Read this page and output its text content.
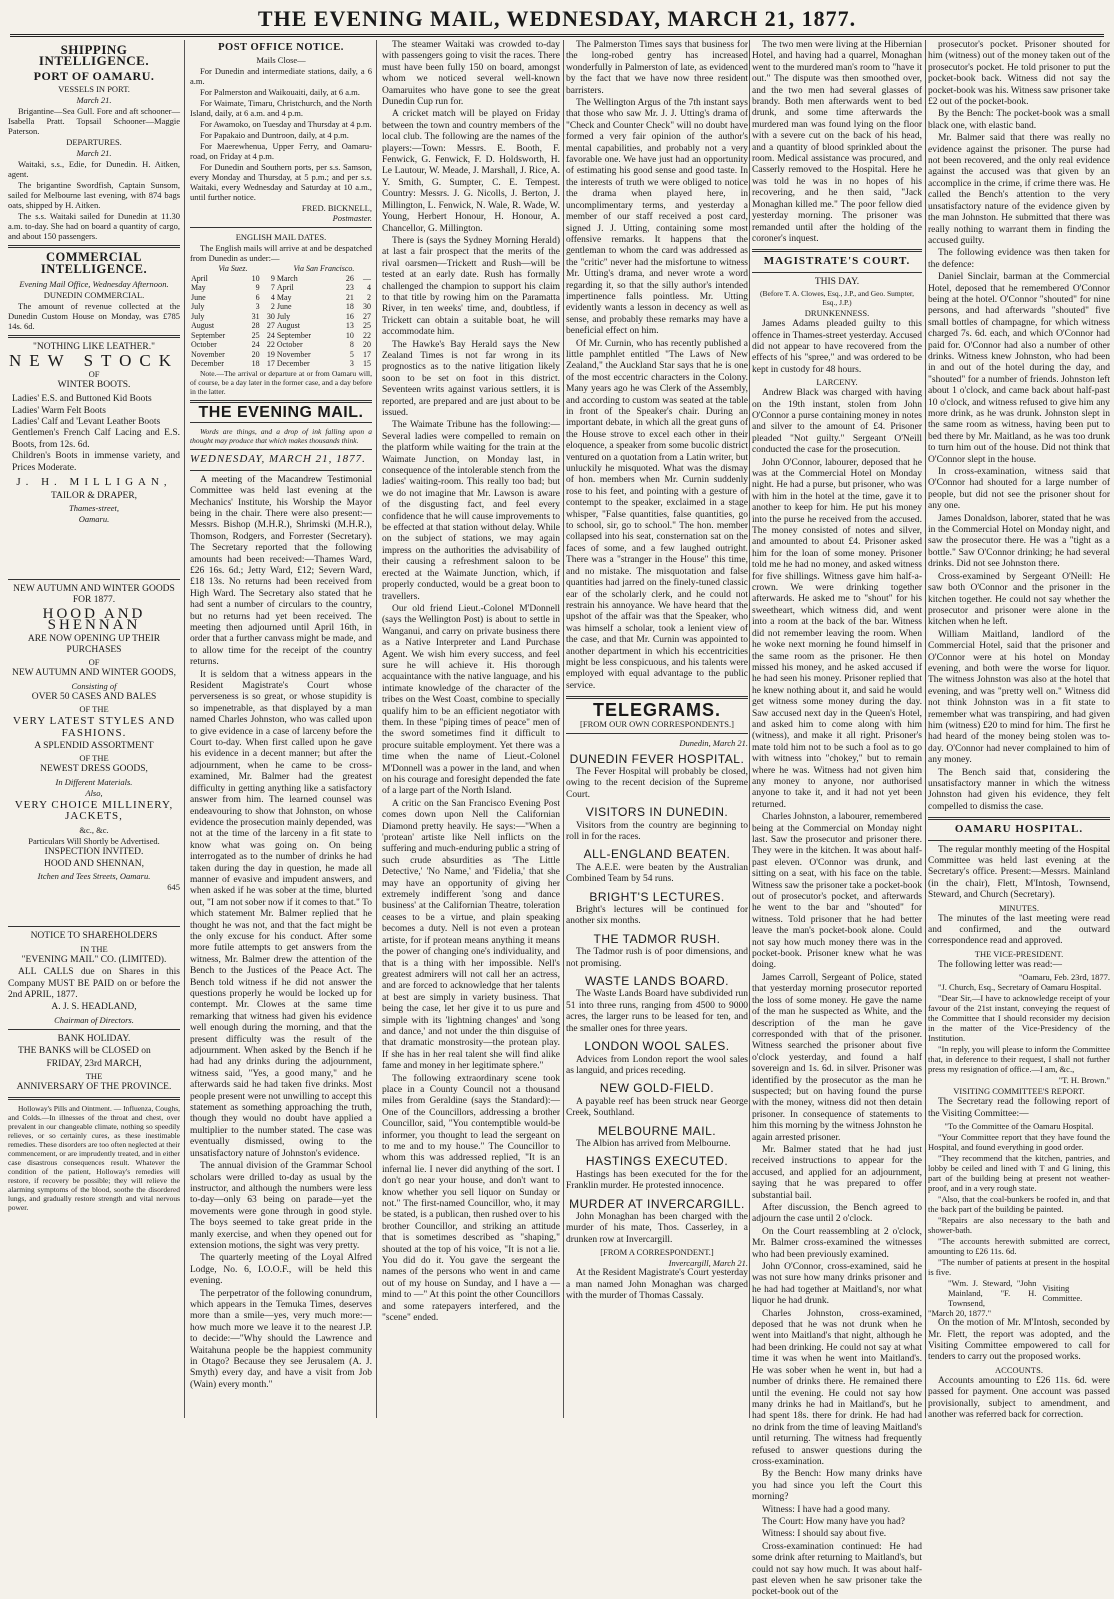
THE EVENING MAIL, WEDNESDAY, MARCH 21, 1877.
SHIPPING INTELLIGENCE.
PORT OF OAMARU.
VESSELS IN PORT.
March 21.

Brigantine—Sea Gull. Fore and aft schooner—Isabella Pratt. Topsail Schooner—Maggie Paterson.

DEPARTURES.
March 21.

Waitaki, s.s., Edie, for Dunedin. H. Aitken, agent.

The brigantine Swordfish, Captain Sunsom, sailed for Melbourne last evening, with 874 bags oats, shipped by H. Aitken.

The s.s. Waitaki sailed for Dunedin at 11.30 a.m. to-day. She had on board a quantity of cargo, and about 150 passengers.

COMMERCIAL INTELLIGENCE.
Evening Mail Office, Wednesday Afternoon.
DUNEDIN COMMERCIAL.

The amount of revenue collected at the Dunedin Custom House on Monday, was £785 14s. 6d.

"NOTHING LIKE LEATHER."
NEW STOCK
OF
WINTER BOOTS.
Ladies' E.S. and Buttoned Kid Boots
Ladies' Warm Felt Boots
Ladies' Calf and 'Levant Leather Boots
Gentlemen's French Calf Lacing and E.S. Boots, from 12s. 6d.
Children's Boots in immense variety, and Prices Moderate.
J. H. MILLIGAN,
TAILOR & DRAPER,
Thames-street,
Oamaru.
NEW AUTUMN AND WINTER GOODS FOR 1877.
HOOD AND SHENNAN
ARE NOW OPENING UP THEIR PURCHASES
OF
NEW AUTUMN AND WINTER GOODS,
Consisting of
OVER 50 CASES AND BALES
OF THE
VERY LATEST STYLES AND FASHIONS.
A SPLENDID ASSORTMENT
OF THE
NEWEST DRESS GOODS,
In Different Materials.
Also,
VERY CHOICE MILLINERY, JACKETS,
&c., &c.
Particulars Will Shortly be Advertised.
INSPECTION INVITED.
HOOD AND SHENNAN,
Itchen and Tees Streets, Oamaru.
645
NOTICE TO SHAREHOLDERS
IN THE
"EVENING MAIL" CO. (LIMITED).

ALL CALLS due on Shares in this Company MUST BE PAID on or before the 2nd APRIL, 1877.

A. J. S. HEADLAND,
Chairman of Directors.
BANK HOLIDAY.

THE BANKS will be CLOSED on

FRIDAY, 23rd MARCH,
THE
ANNIVERSARY OF THE PROVINCE.

Holloway's Pills and Ointment. — Influenza, Coughs, and Colds.—In illnesses of the throat and chest, over prevalent in our changeable climate, nothing so speedily relieves, or so certainly cures, as these inestimable remedies. These disorders are too often neglected at their commencement, or are imprudently treated, and in either case disastrous consequences result. Whatever the condition of the patient, Holloway's remedies will restore, if recovery be possible; they will relieve the alarming symptoms of the blood, soothe the disordered lungs, and gradually restore strength and vital nervous power.

POST OFFICE NOTICE.
Mails Close—

For Dunedin and intermediate stations, daily, a 6 a.m.

For Palmerston and Waikouaiti, daily, at 6 a.m.

For Waimate, Timaru, Christchurch, and the North Island, daily, at 6 a.m. and 4 p.m.

For Awamoko, on Tuesday and Thursday at 4 p.m.

For Papakaio and Duntroon, daily, at 4 p.m.

For Maerewhenua, Upper Ferry, and Oamaru-road, on Friday at 4 p.m.

For Dunedin and Southern ports, per s.s. Samson, every Monday and Thursday, at 5 p.m.; and per s.s. Waitaki, every Wednesday and Saturday at 10 a.m., until further notice.

FRED. BICKNELL,
Postmaster.
ENGLISH MAIL DATES.

The English mails will arrive at and be despatched from Dunedin as under:—

Via Suez.			Via San Francisco.		
April	10	9	March	26	—
May	9	7	April	23	4
June	6	4	May	21	2
July	3	2	June	18	30
July	31	30	July	16	27
August	28	27	August	13	25
September	25	24	September	10	22
October	24	22	October	8	20
November	20	19	November	5	17
December	18	17	December	3	15

Note.—The arrival or departure at or from Oamaru will, of course, be a day later in the former case, and a day before in the latter.

THE EVENING MAIL.

Words are things, and a drop of ink falling upon a thought may produce that which makes thousands think.

WEDNESDAY, MARCH 21, 1877.

A meeting of the Macandrew Testimonial Committee was held last evening at the Mechanics' Institute, his Worship the Mayor being in the chair. There were also present:—Messrs. Bishop (M.H.R.), Shrimski (M.H.R.), Thomson, Rodgers, and Forrester (Secretary). The Secretary reported that the following amounts had been received:—Thames Ward, £26 16s. 6d.; Jetty Ward, £12; Severn Ward, £18 13s. No returns had been received from High Ward. The Secretary also stated that he had sent a number of circulars to the country, but no returns had yet been received. The meeting then adjourned until April 16th, in order that a further canvass might be made, and to allow time for the receipt of the country returns.

It is seldom that a witness appears in the Resident Magistrate's Court whose perverseness is so great, or whose stupidity is so impenetrable, as that displayed by a man named Charles Johnston, who was called upon to give evidence in a case of larceny before the Court to-day. When first called upon he gave his evidence in a decent manner; but after the adjournment, when he came to be cross-examined, Mr. Balmer had the greatest difficulty in getting anything like a satisfactory answer from him. The learned counsel was endeavouring to show that Johnston, on whose evidence the prosecution mainly depended, was not at the time of the larceny in a fit state to know what was going on. On being interrogated as to the number of drinks he had taken during the day in question, he made all manner of evasive and impudent answers, and when asked if he was sober at the time, blurted out, "I am not sober now if it comes to that." To which statement Mr. Balmer replied that he thought he was not, and that the fact might be the only excuse for his conduct. After some more futile attempts to get answers from the witness, Mr. Balmer drew the attention of the Bench to the Justices of the Peace Act. The Bench told witness if he did not answer the questions properly he would be locked up for contempt. Mr. Clowes at the same time remarking that witness had given his evidence well enough during the morning, and that the present difficulty was the result of the adjournment. When asked by the Bench if he had had any drinks during the adjournment, witness said, "Yes, a good many," and he afterwards said he had taken five drinks. Most people present were not unwilling to accept this statement as something approaching the truth, though they would no doubt have applied a multiplier to the number stated. The case was eventually dismissed, owing to the unsatisfactory nature of Johnston's evidence.

The annual division of the Grammar School scholars were drilled to-day as usual by the instructor, and although the numbers were less to-day—only 63 being on parade—yet the movements were gone through in good style. The boys seemed to take great pride in the manly exercise, and when they opened out for extension motions, the sight was very pretty.

The quarterly meeting of the Loyal Alfred Lodge, No. 6, I.O.O.F., will be held this evening.

The perpetrator of the following conundrum, which appears in the Temuka Times, deserves more than a smile—yes, very much more:—how much more we leave it to the nearest J.P. to decide:—"Why should the Lawrence and Waitahuna people be the happiest community in Otago? Because they see Jerusalem (A. J. Smyth) every day, and have a visit from Job (Wain) every month."

The steamer Waitaki was crowded to-day with passengers going to visit the races. There must have been fully 150 on board, amongst whom we noticed several well-known Oamaruites who have gone to see the great Dunedin Cup run for.

A cricket match will be played on Friday between the town and country members of the local club. The following are the names of the players:—Town: Messrs. E. Booth, F. Fenwick, G. Fenwick, F. D. Holdsworth, H. Le Lautour, W. Meade, J. Marshall, J. Rice, A. Y. Smith, G. Sumpter, C. E. Tempest. Country: Messrs. J. G. Nicolls, J. Berton, J. Millington, L. Fenwick, N. Wale, R. Wade, W. Young, Herbert Honour, H. Honour, A. Chancellor, G. Millington.

There is (says the Sydney Morning Herald) at last a fair prospect that the merits of the rival oarsmen—Trickett and Rush—will be tested at an early date. Rush has formally challenged the champion to support his claim to that title by rowing him on the Paramatta River, in ten weeks' time, and, doubtless, if Trickett can obtain a suitable boat, he will accommodate him.

The Hawke's Bay Herald says the New Zealand Times is not far wrong in its prognostics as to the native litigation likely soon to be set on foot in this district. Seventeen writs against various settlers, it is reported, are prepared and are just about to be issued.

The Waimate Tribune has the following:—Several ladies were compelled to remain on the platform while waiting for the train at the Waimate Junction, on Monday last, in consequence of the intolerable stench from the ladies' waiting-room. This really too bad; but we do not imagine that Mr. Lawson is aware of the disgusting fact, and feel every confidence that he will cause improvements to be effected at that station without delay. While on the subject of stations, we may again impress on the authorities the advisability of their causing a refreshment saloon to be erected at the Waimate Junction, which, if properly conducted, would be a great boon to travellers.

Our old friend Lieut.-Colonel M'Donnell (says the Wellington Post) is about to settle in Wanganui, and carry on private business there as a Native Interpreter and Land Purchase Agent. We wish him every success, and feel sure he will achieve it. His thorough acquaintance with the native language, and his intimate knowledge of the character of the tribes on the West Coast, combine to specially qualify him to be an efficient negotiator with them. In these "piping times of peace" men of the sword sometimes find it difficult to procure suitable employment. Yet there was a time when the name of Lieut.-Colonel M'Donnell was a power in the land, and when on his courage and foresight depended the fate of a large part of the North Island.

A critic on the San Francisco Evening Post comes down upon Nell the Californian Diamond pretty heavily. He says:—"When a 'protean' artiste like Nell inflicts on the suffering and much-enduring public a string of such crude absurdities as 'The Little Detective,' 'No Name,' and 'Fidelia,' that she may have an opportunity of giving her extremely indifferent 'song and dance business' at the Californian Theatre, toleration ceases to be a virtue, and plain speaking becomes a duty. Nell is not even a protean artiste, for if protean means anything it means the power of changing one's individuality, and that is a thing with her impossible. Nell's greatest admirers will not call her an actress, and are forced to acknowledge that her talents at best are simply in variety business. That being the case, let her give it to us pure and simple with its 'lightning changes' and 'song and dance,' and not under the thin disguise of that dramatic monstrosity—the protean play. If she has in her real talent she will find alike fame and money in her legitimate sphere."

The following extraordinary scene took place in a County Council not a thousand miles from Geraldine (says the Standard):—One of the Councillors, addressing a brother Councillor, said, "You contemptible would-be informer, you thought to lead the sergeant on to me and to my house." The Councillor to whom this was addressed replied, "It is an infernal lie. I never did anything of the sort. I don't go near your house, and don't want to know whether you sell liquor on Sunday or not." The first-named Councillor, who, it may be stated, is a publican, then rushed over to his brother Councillor, and striking an attitude that is sometimes described as "shaping," shouted at the top of his voice, "It is not a lie. You did do it. You gave the sergeant the names of the persons who went in and came out of my house on Sunday, and I have a — mind to —" At this point the other Councillors and some ratepayers interfered, and the "scene" ended.

The Palmerston Times says that business for the long-robed gentry has increased wonderfully in Palmerston of late, as evidenced by the fact that we have now three resident barristers.

The Wellington Argus of the 7th instant says that those who saw Mr. J. J. Utting's drama of "Check and Counter Check" will no doubt have formed a very fair opinion of the author's mental capabilities, and probably not a very favorable one. We have just had an opportunity of estimating his good sense and good taste. In the interests of truth we were obliged to notice the drama when played here, in uncomplimentary terms, and yesterday a member of our staff received a post card, signed J. J. Utting, containing some most offensive remarks. It happens that the gentleman to whom the card was addressed as the "critic" never had the misfortune to witness Mr. Utting's drama, and never wrote a word regarding it, so that the silly author's intended impertinence falls pointless. Mr. Utting evidently wants a lesson in decency as well as sense, and probably these remarks may have a beneficial effect on him.

Of Mr. Curnin, who has recently published a little pamphlet entitled "The Laws of New Zealand," the Auckland Star says that he is one of the most eccentric characters in the Colony. Many years ago he was Clerk of the Assembly, and according to custom was seated at the table in front of the Speaker's chair. During an important debate, in which all the great guns of the House strove to excel each other in their eloquence, a speaker from some bucolic district ventured on a quotation from a Latin writer, but unluckily he misquoted. What was the dismay of hon. members when Mr. Curnin suddenly rose to his feet, and pointing with a gesture of contempt to the speaker, exclaimed in a stage whisper, "False quantities, false quantities, go to school, sir, go to school." The hon. member collapsed into his seat, consternation sat on the faces of some, and a few laughed outright. There was a "stranger in the House" this time, and no mistake. The misquotation and false quantities had jarred on the finely-tuned classic ear of the scholarly clerk, and he could not restrain his annoyance. We have heard that the upshot of the affair was that the Speaker, who was himself a scholar, took a lenient view of the case, and that Mr. Curnin was appointed to another department in which his eccentricities might be less conspicuous, and his talents were employed with equal advantage to the public service.

TELEGRAMS.
[FROM OUR OWN CORRESPONDENTS.]
Dunedin, March 21.
DUNEDIN FEVER HOSPITAL.

The Fever Hospital will probably be closed, owing to the recent decision of the Supreme Court.

VISITORS IN DUNEDIN.

Visitors from the country are beginning to roll in for the races.

ALL-ENGLAND BEATEN.

The A.E.E. were beaten by the Australian Combined Team by 54 runs.

BRIGHT'S LECTURES.

Bright's lectures will be continued for another six months.

THE TADMOR RUSH.

The Tadmor rush is of poor dimensions, and not promising.

WASTE LANDS BOARD.

The Waste Lands Board have subdivided run 51 into three runs, ranging from 4500 to 9000 acres, the larger runs to be leased for ten, and the smaller ones for three years.

LONDON WOOL SALES.

Advices from London report the wool sales as languid, and prices receding.

NEW GOLD-FIELD.

A payable reef has been struck near George Creek, Southland.

MELBOURNE MAIL.

The Albion has arrived from Melbourne.

HASTINGS EXECUTED.

Hastings has been executed for the for the Franklin murder. He protested innocence.

MURDER AT INVERCARGILL.

John Monaghan has been charged with the murder of his mate, Thos. Casserley, in a drunken row at Invercargill.

[FROM A CORRESPONDENT.]
Invercargill, March 21.

At the Resident Magistrate's Court yesterday a man named John Monaghan was charged with the murder of Thomas Cassaly.

The two men were living at the Hibernian Hotel, and having had a quarrel, Monaghan went to the murdered man's room to "have it out." The dispute was then smoothed over, and the two men had several glasses of brandy. Both men afterwards went to bed drunk, and some time afterwards the murdered man was found lying on the floor with a severe cut on the back of his head, and a quantity of blood sprinkled about the room. Medical assistance was procured, and Casserly removed to the Hospital. Here he was told he was in no hopes of his recovering, and he then said, "Jack Monaghan killed me." The poor fellow died yesterday morning. The prisoner was remanded until after the holding of the coroner's inquest.

MAGISTRATE'S COURT.
THIS DAY.
(Before T. A. Clowes, Esq., J.P., and Geo. Sumpter, Esq., J.P.)
DRUNKENNESS.

James Adams pleaded guilty to this offence in Thames-street yesterday. Accused did not appear to have recovered from the effects of his "spree," and was ordered to be kept in custody for 48 hours.

LARCENY.

Andrew Black was charged with having on the 19th instant, stolen from John O'Connor a purse containing money in notes and silver to the amount of £4. Prisoner pleaded "Not guilty." Sergeant O'Neill conducted the case for the prosecution.

John O'Connor, labourer, deposed that he was at the Commercial Hotel on Monday night. He had a purse, but prisoner, who was with him in the hotel at the time, gave it to another to keep for him. He put his money into the purse he received from the accused. The money consisted of notes and silver, and amounted to about £4. Prisoner asked him for the loan of some money. Prisoner told me he had no money, and asked witness for five shillings. Witness gave him half-a-crown. We were drinking together afterwards. He asked me to "shout" for his sweetheart, which witness did, and went into a room at the back of the bar. Witness did not remember leaving the room. When he woke next morning he found himself in the same room as the prisoner. He then missed his money, and he asked accused if he had seen his money. Prisoner replied that he knew nothing about it, and said he would get witness some money during the day. Saw accused next day in the Queen's Hotel, and asked him to come along with him (witness), and make it all right. Prisoner's mate told him not to be such a fool as to go with witness into "chokey," but to remain where he was. Witness had not given him any money to anyone, nor authorised anyone to take it, and it had not yet been returned.

Charles Johnston, a labourer, remembered being at the Commercial on Monday night last. Saw the prosecutor and prisoner there. They were in the kitchen. It was about half-past eleven. O'Connor was drunk, and sitting on a seat, with his face on the table. Witness saw the prisoner take a pocket-book out of prosecutor's pocket, and afterwards he went to the bar and "shouted" for witness. Told prisoner that he had better leave the man's pocket-book alone. Could not say how much money there was in the pocket-book. Prisoner knew what he was doing.

James Carroll, Sergeant of Police, stated that yesterday morning prosecutor reported the loss of some money. He gave the name of the man he suspected as White, and the description of the man he gave corresponded with that of the prisoner. Witness searched the prisoner about five o'clock yesterday, and found a half sovereign and 1s. 6d. in silver. Prisoner was identified by the prosecutor as the man he suspected; but on having found the purse with the money, witness did not then detain prisoner. In consequence of statements to him this morning by the witness Johnston he again arrested prisoner.

Mr. Balmer stated that he had just received instructions to appear for the accused, and applied for an adjournment, saying that he was prepared to offer substantial bail.

After discussion, the Bench agreed to adjourn the case until 2 o'clock.

On the Court reassembling at 2 o'clock, Mr. Balmer cross-examined the witnesses who had been previously examined.

John O'Connor, cross-examined, said he was not sure how many drinks prisoner and he had had together at Maitland's, nor what liquor he had drunk.

Charles Johnston, cross-examined, deposed that he was not drunk when he went into Maitland's that night, although he had been drinking. He could not say at what time it was when he went into Maitland's. He was sober when he went in, but had a number of drinks there. He remained there until the evening. He could not say how many drinks he had in Maitland's, but he had spent 18s. there for drink. He had had no drink from the time of leaving Maitland's until returning. The witness had frequently refused to answer questions during the cross-examination.

By the Bench: How many drinks have you had since you left the Court this morning?

Witness: I have had a good many.

The Court: How many have you had?

Witness: I should say about five.

Cross-examination continued: He had some drink after returning to Maitland's, but could not say how much. It was about half-past eleven when he saw prisoner take the pocket-book out of the

prosecutor's pocket. Prisoner shouted for him (witness) out of the money taken out of the prosecutor's pocket. He told prisoner to put the pocket-book back. Witness did not say the pocket-book was his. Witness saw prisoner take £2 out of the pocket-book.

By the Bench: The pocket-book was a small black one, with elastic band.

Mr. Balmer said that there was really no evidence against the prisoner. The purse had not been recovered, and the only real evidence against the accused was that given by an accomplice in the crime, if crime there was. He called the Bench's attention to the very unsatisfactory nature of the evidence given by the man Johnston. He submitted that there was really nothing to warrant them in finding the accused guilty.

The following evidence was then taken for the defence:

Daniel Sinclair, barman at the Commercial Hotel, deposed that he remembered O'Connor being at the hotel. O'Connor "shouted" for nine persons, and had afterwards "shouted" five small bottles of champagne, for which witness charged 7s. 6d. each, and which O'Connor had paid for. O'Connor had also a number of other drinks. Witness knew Johnston, who had been in and out of the hotel during the day, and "shouted" for a number of friends. Johnston left about 1 o'clock, and came back about half-past 10 o'clock, and witness refused to give him any more drink, as he was drunk. Johnston slept in the same room as witness, having been put to bed there by Mr. Maitland, as he was too drunk to turn him out of the house. Did not think that O'Connor slept in the house.

In cross-examination, witness said that O'Connor had shouted for a large number of people, but did not see the prisoner shout for any one.

James Donaldson, laborer, stated that he was in the Commercial Hotel on Monday night, and saw the prosecutor there. He was a "tight as a bottle." Saw O'Connor drinking; he had several drinks. Did not see Johnston there.

Cross-examined by Sergeant O'Neill: He saw both O'Connor and the prisoner in the kitchen together. He could not say whether the prosecutor and prisoner were alone in the kitchen when he left.

William Maitland, landlord of the Commercial Hotel, said that the prisoner and O'Connor were at his hotel on Monday evening, and both were the worse for liquor. The witness Johnston was also at the hotel that evening, and was "pretty well on." Witness did not think Johnston was in a fit state to remember what was transpiring, and had given him (witness) £20 to mind for him. The first he had heard of the money being stolen was to-day. O'Connor had never complained to him of any money.

The Bench said that, considering the unsatisfactory manner in which the witness Johnston had given his evidence, they felt compelled to dismiss the case.

OAMARU HOSPITAL.

The regular monthly meeting of the Hospital Committee was held last evening at the Secretary's office. Present:—Messrs. Mainland (in the chair), Flett, M'Intosh, Townsend, Steward, and Church (Secretary).

MINUTES.

The minutes of the last meeting were read and confirmed, and the outward correspondence read and approved.

THE VICE-PRESIDENT.

The following letter was read:—

"Oamaru, Feb. 23rd, 1877.

"J. Church, Esq., Secretary of Oamaru Hospital.

"Dear Sir,—I have to acknowledge receipt of your favour of the 21st instant, conveying the request of the Committee that I should reconsider my decision in the matter of the Vice-Presidency of the Institution.

"In reply, you will please to inform the Committee that, in deference to their request, I shall not further press my resignation of office.—I am, &c.,

"T. H. Brown."
VISITING COMMITTEE'S REPORT.

The Secretary read the following report of the Visiting Committee:—

"To the Committee of the Oamaru Hospital.

"Your Committee report that they have found the Hospital, and found everything in good order.

"They recommend that the kitchen, pantries, and lobby be ceiled and lined with T and G lining, this part of the building being at present not weather-proof, and in a very rough state.

"Also, that the coal-bunkers be roofed in, and that the back part of the building be painted.

"Repairs are also necessary to the bath and shower-bath.

"The accounts herewith submitted are correct, amounting to £26 11s. 6d.

"The number of patients at present in the hospital is five.

"Wm. J. Steward, "John Mainland, "F. H. Townsend,
Visiting Committee.
"March 20, 1877."

On the motion of Mr. M'Intosh, seconded by Mr. Flett, the report was adopted, and the Visiting Committee empowered to call for tenders to carry out the proposed works.

ACCOUNTS.

Accounts amounting to £26 11s. 6d. were passed for payment. One account was passed provisionally, subject to amendment, and another was referred back for correction.
